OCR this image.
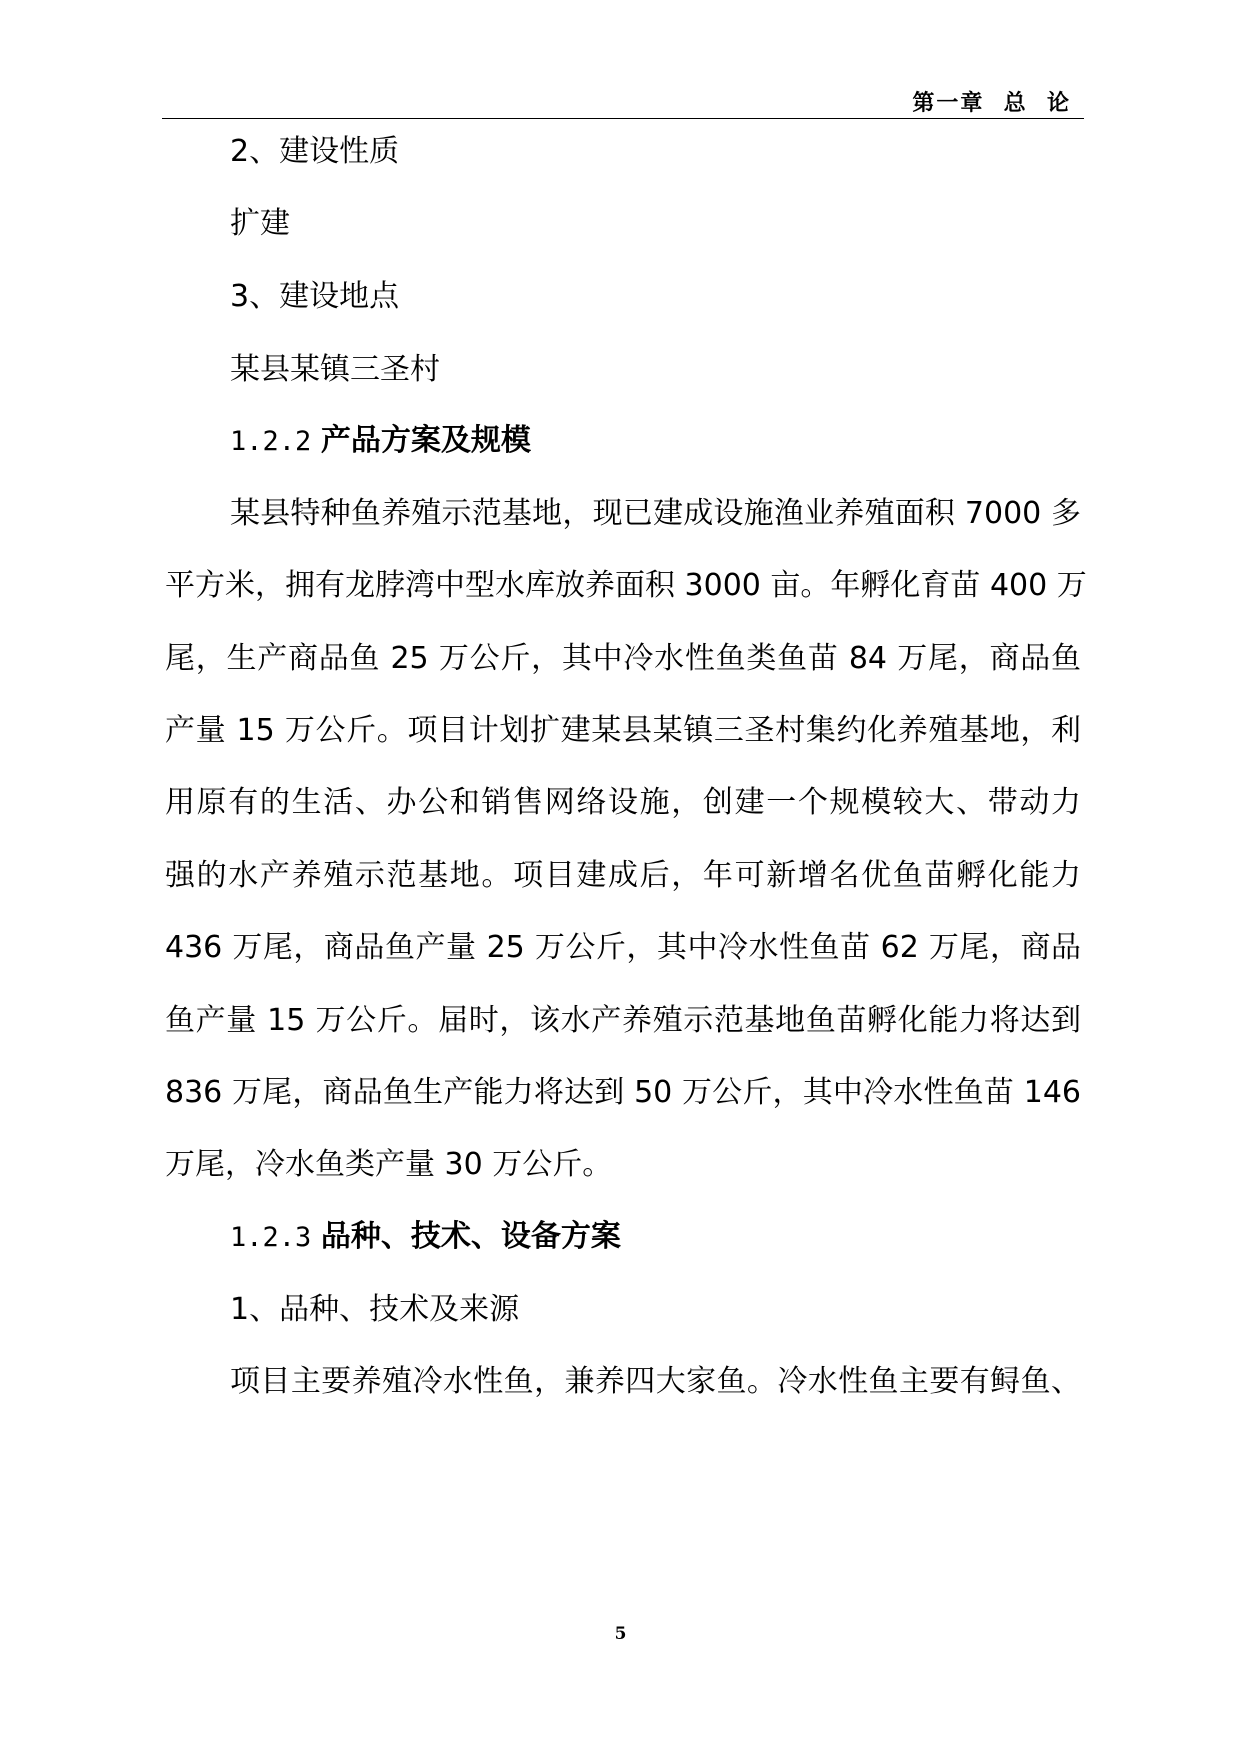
第一章  总  论
2、建设性质
扩建
3、建设地点
某县某镇三圣村
1.2.2 产品方案及规模
某县特种鱼养殖示范基地，现已建成设施渔业养殖面积 7000 多
平方米，拥有龙脖湾中型水库放养面积 3000 亩。年孵化育苗 400 万
尾，生产商品鱼 25 万公斤，其中冷水性鱼类鱼苗 84 万尾，商品鱼
产量 15 万公斤。项目计划扩建某县某镇三圣村集约化养殖基地，利
用原有的生活、办公和销售网络设施，创建一个规模较大、带动力
强的水产养殖示范基地。项目建成后，年可新增名优鱼苗孵化能力
436 万尾，商品鱼产量 25 万公斤，其中冷水性鱼苗 62 万尾，商品
鱼产量 15 万公斤。届时，该水产养殖示范基地鱼苗孵化能力将达到
836 万尾，商品鱼生产能力将达到 50 万公斤，其中冷水性鱼苗 146
万尾，冷水鱼类产量 30 万公斤。
1.2.3 品种、技术、设备方案
1、品种、技术及来源
项目主要养殖冷水性鱼，兼养四大家鱼。冷水性鱼主要有鲟鱼、
5
